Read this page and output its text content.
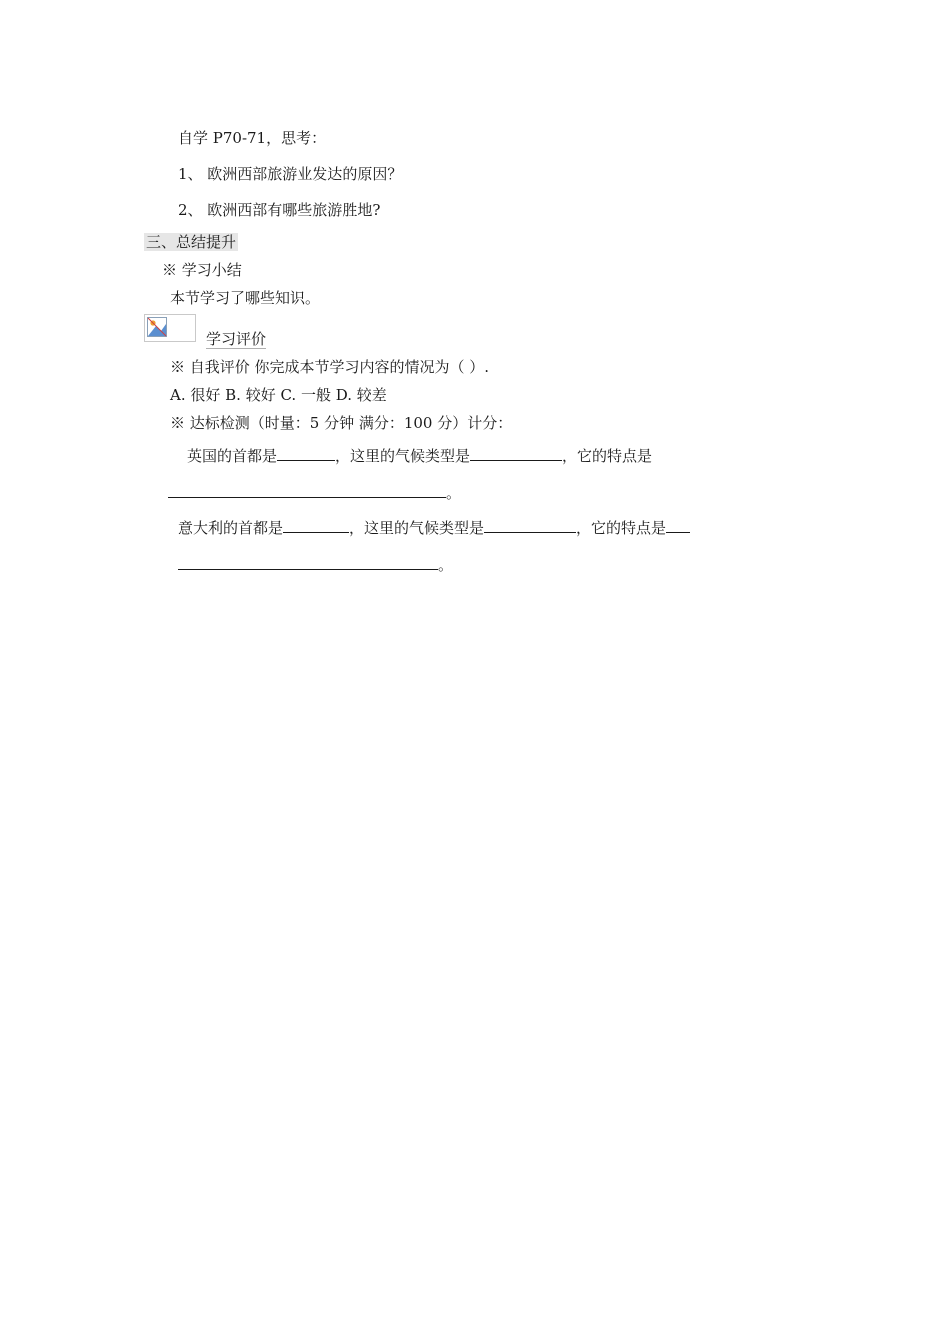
自学 P70-71，思考：
1、 欧洲西部旅游业发达的原因？
2、 欧洲西部有哪些旅游胜地?
三、总结提升
※ 学习小结
本节学习了哪些知识。
学习评价
※ 自我评价 你完成本节学习内容的情况为（ ）.
A. 很好 B. 较好 C. 一般 D. 较差
※ 达标检测（时量：5 分钟 满分：100 分）计分：
英国的首都是	，这里的气候类型是	，它的特点是
。
意大利的首都是	，这里的气候类型是	，它的特点是
。
